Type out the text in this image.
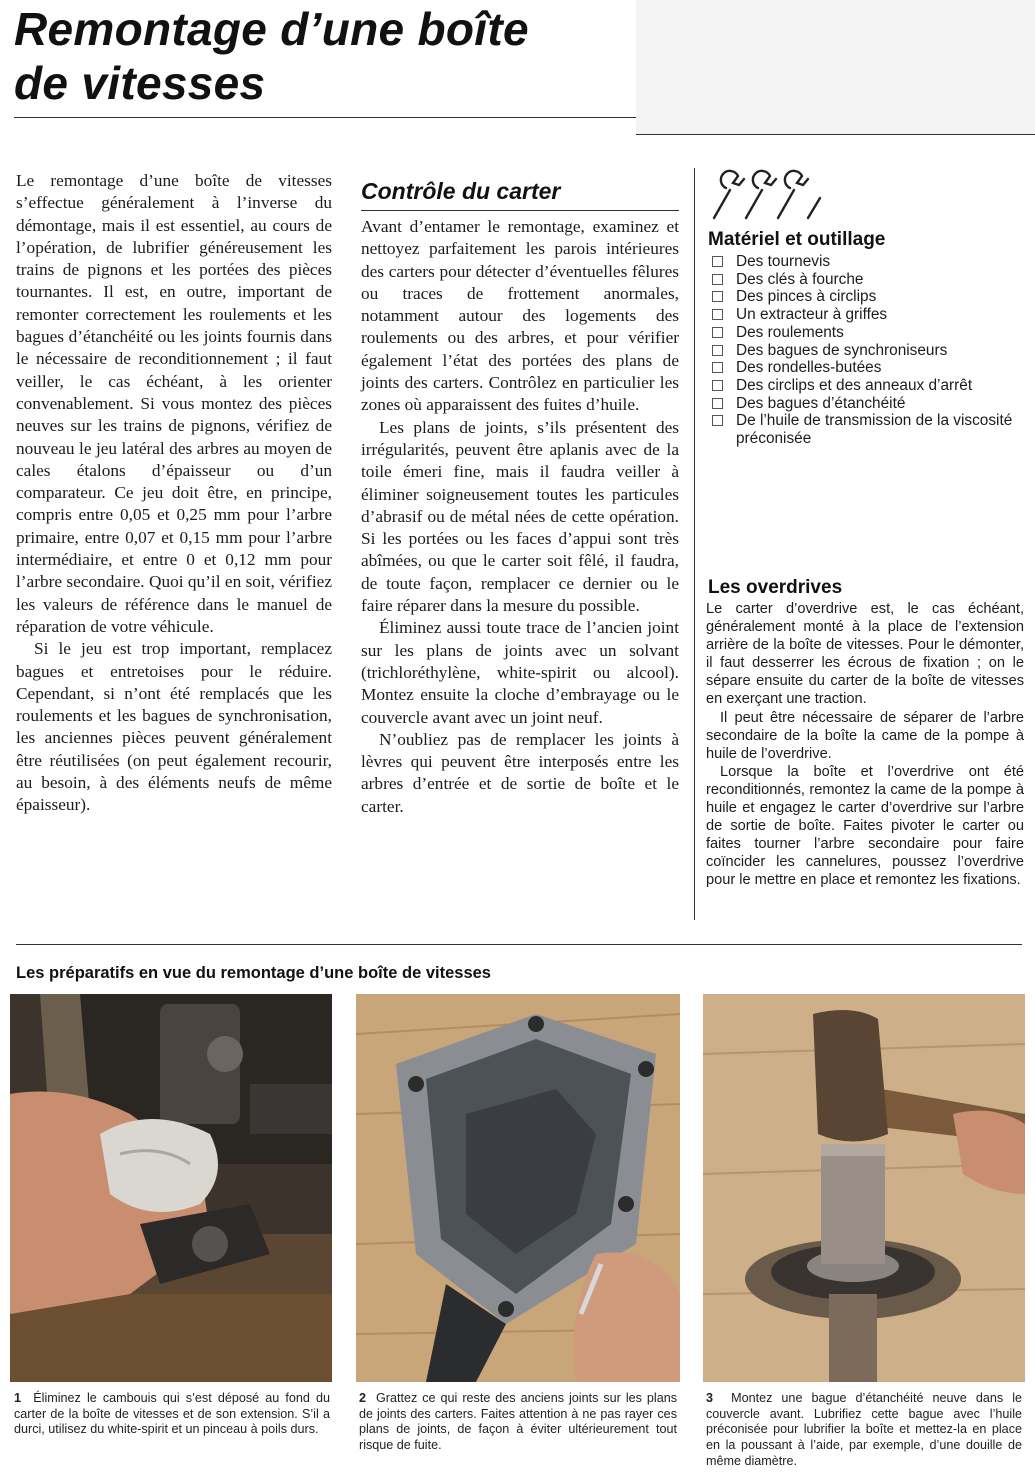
Remontage d’une boîte
de vitesses

Le remontage d’une boîte de vitesses s’effectue généralement à l’inverse du démontage, mais il est essentiel, au cours de l’opération, de lubrifier généreusement les trains de pignons et les portées des pièces tournantes. Il est, en outre, important de remonter correctement les roulements et les bagues d’étanchéité ou les joints fournis dans le nécessaire de reconditionnement ; il faut veiller, le cas échéant, à les orienter convenablement. Si vous montez des pièces neuves sur les trains de pignons, vérifiez de nouveau le jeu latéral des arbres au moyen de cales étalons d’épaisseur ou d’un comparateur. Ce jeu doit être, en principe, compris entre 0,05 et 0,25 mm pour l’arbre primaire, entre 0,07 et 0,15 mm pour l’arbre intermédiaire, et entre 0 et 0,12 mm pour l’arbre secondaire. Quoi qu’il en soit, vérifiez les valeurs de référence dans le manuel de réparation de votre véhicule.

Si le jeu est trop important, remplacez bagues et entretoises pour le réduire. Cependant, si n’ont été remplacés que les roulements et les bagues de synchronisation, les anciennes pièces peuvent généralement être réutilisées (on peut également recourir, au besoin, à des éléments neufs de même épaisseur).

Contrôle du carter

Avant d’entamer le remontage, examinez et nettoyez parfaitement les parois intérieures des carters pour détecter d’éventuelles fêlures ou traces de frottement anormales, notamment autour des logements des roulements ou des arbres, et pour vérifier également l’état des portées des plans de joints des carters. Contrôlez en particulier les zones où apparaissent des fuites d’huile.

Les plans de joints, s’ils présentent des irrégularités, peuvent être aplanis avec de la toile émeri fine, mais il faudra veiller à éliminer soigneusement toutes les particules d’abrasif ou de métal nées de cette opération. Si les portées ou les faces d’appui sont très abîmées, ou que le carter soit fêlé, il faudra, de toute façon, remplacer ce dernier ou le faire réparer dans la mesure du possible.

Éliminez aussi toute trace de l’ancien joint sur les plans de joints avec un solvant (trichloréthylène, white-spirit ou alcool). Montez ensuite la cloche d’embrayage ou le couvercle avant avec un joint neuf.

N’oubliez pas de remplacer les joints à lèvres qui peuvent être interposés entre les arbres d’entrée et de sortie de boîte et le carter.

Matériel et outillage
Des tournevis
Des clés à fourche
Des pinces à circlips
Un extracteur à griffes
Des roulements
Des bagues de synchroniseurs
Des rondelles-butées
Des circlips et des anneaux d’arrêt
Des bagues d’étanchéité
De l’huile de transmission de la viscosité préconisée
Les overdrives

Le carter d’overdrive est, le cas échéant, généralement monté à la place de l’extension arrière de la boîte de vitesses. Pour le démonter, il faut desserrer les écrous de fixation ; on le sépare ensuite du carter de la boîte de vitesses en exerçant une traction.

Il peut être nécessaire de séparer de l’arbre secondaire de la boîte la came de la pompe à huile de l’overdrive.

Lorsque la boîte et l’overdrive ont été reconditionnés, remontez la came de la pompe à huile et engagez le carter d’overdrive sur l’arbre de sortie de boîte. Faites pivoter le carter ou faites tourner l’arbre secondaire pour faire coïncider les cannelures, poussez l’overdrive pour le mettre en place et remontez les fixations.

Les préparatifs en vue du remontage d’une boîte de vitesses

1 Éliminez le cambouis qui s’est déposé au fond du carter de la boîte de vitesses et de son extension. S’il a durci, utilisez du white-spirit et un pinceau à poils durs.

2 Grattez ce qui reste des anciens joints sur les plans de joints des carters. Faites attention à ne pas rayer ces plans de joints, de façon à éviter ultérieurement tout risque de fuite.

3 Montez une bague d’étanchéité neuve dans le couvercle avant. Lubrifiez cette bague avec l’huile préconisée pour lubrifier la boîte et mettez-la en place en la poussant à l’aide, par exemple, d’une douille de même diamètre.
